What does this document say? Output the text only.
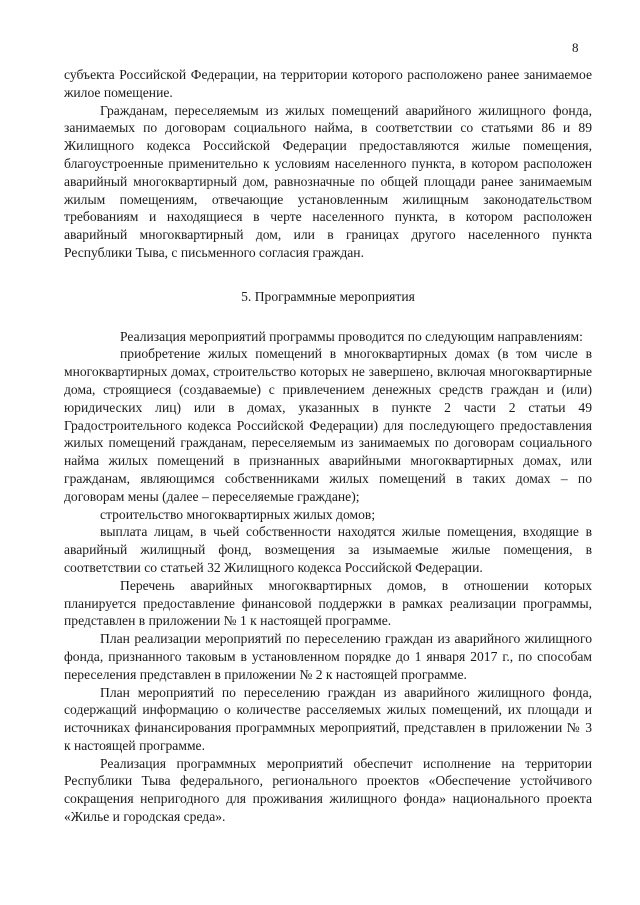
8

субъекта Российской Федерации, на территории которого расположено ранее занимаемое жилое помещение.

Гражданам, переселяемым из жилых помещений аварийного жилищного фонда, занимаемых по договорам социального найма, в соответствии со статьями 86 и 89 Жилищного кодекса Российской Федерации предоставляются жилые помещения, благоустроенные применительно к условиям населенного пункта, в котором расположен аварийный многоквартирный дом, равнозначные по общей площади ранее занимаемым жилым помещениям, отвечающие установленным жилищным законодательством требованиям и находящиеся в черте населенного пункта, в котором расположен аварийный многоквартирный дом, или в границах другого населенного пункта Республики Тыва, с письменного согласия граждан.

5. Программные мероприятия

Реализация мероприятий программы проводится по следующим направлениям:

приобретение жилых помещений в многоквартирных домах (в том числе в многоквартирных домах, строительство которых не завершено, включая многоквартирные дома, строящиеся (создаваемые) с привлечением денежных средств граждан и (или) юридических лиц) или в домах, указанных в пункте 2 части 2 статьи 49 Градостроительного кодекса Российской Федерации) для последующего предоставления жилых помещений гражданам, переселяемым из занимаемых по договорам социального найма жилых помещений в признанных аварийными многоквартирных домах, или гражданам, являющимся собственниками жилых помещений в таких домах – по договорам мены (далее – переселяемые граждане);

строительство многоквартирных жилых домов;

выплата лицам, в чьей собственности находятся жилые помещения, входящие в аварийный жилищный фонд, возмещения за изымаемые жилые помещения, в соответствии со статьей 32 Жилищного кодекса Российской Федерации.

Перечень аварийных многоквартирных домов, в отношении которых планируется предоставление финансовой поддержки в рамках реализации программы, представлен в приложении № 1 к настоящей программе.

План реализации мероприятий по переселению граждан из аварийного жилищного фонда, признанного таковым в установленном порядке до 1 января 2017 г., по способам переселения представлен в приложении № 2 к настоящей программе.

План мероприятий по переселению граждан из аварийного жилищного фонда, содержащий информацию о количестве расселяемых жилых помещений, их площади и источниках финансирования программных мероприятий, представлен в приложении № 3 к настоящей программе.

Реализация программных мероприятий обеспечит исполнение на территории Республики Тыва федерального, регионального проектов «Обеспечение устойчивого сокращения непригодного для проживания жилищного фонда» национального проекта «Жилье и городская среда».
